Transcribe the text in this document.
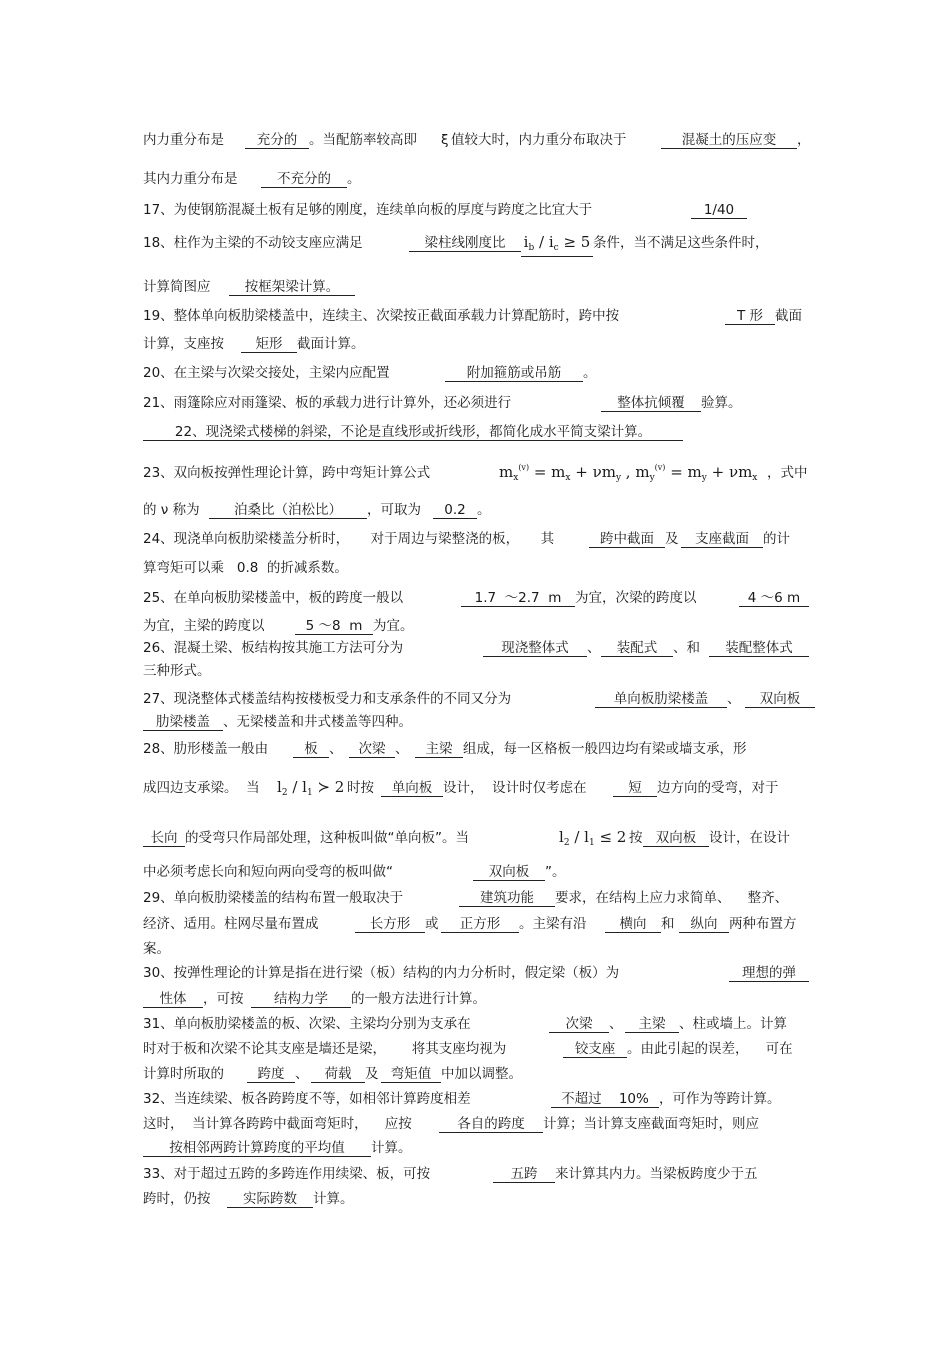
内力重分布是 充分的 。当配筋率较高即 ξ 值较大时，内力重分布取决于	混凝土的压应变 ，
其内力重分布是	不充分的 。
17、为使钢筋混凝土板有足够的刚度，连续单向板的厚度与跨度之比宜大于	1/40
18、柱作为主梁的不动铰支座应满足	梁柱线刚度比 $i_b / i_c \ge 5$ 条件，当不满足这些条件时，
计算简图应	按框架梁计算。
19、整体单向板肋梁楼盖中，连续主、次梁按正截面承载力计算配筋时，跨中按	T 形 截面
计算，支座按 矩形 截面计算。
20、在主梁与次梁交接处，主梁内应配置	附加箍筋或吊筋 。
21、雨篷除应对雨篷梁、板的承载力进行计算外，还必须进行	整体抗倾覆 验算。
22、现浇梁式楼梯的斜梁，不论是直线形或折线形，都简化成水平简支梁计算。
23、双向板按弹性理论计算，跨中弯矩计算公式	$m_x^{(v)} = m_x + \nu m_y$ , $m_y^{(v)} = m_y + \nu m_x$ ，式中
的 ν 称为	泊桑比（泊松比） ，可取为 0.2 。
24、现浇单向板肋梁楼盖分析时，     对于周边与梁整浇的板，     其	跨中截面 及 支座截面 的计
算弯矩可以乘   0.8  的折减系数。
25、在单向板肋梁楼盖中，板的跨度一般以	1.7  ～2.7  m 为宜，次梁的跨度以	4 ～6 m
为宜，主梁的跨度以	5 ～8  m 为宜。
26、混凝土梁、板结构按其施工方法可分为	现浇整体式 、 装配式 、和 装配整体式
三种形式。
27、现浇整体式楼盖结构按楼板受力和支承条件的不同又分为	单向板肋梁楼盖 、 双向板
肋梁楼盖 、无梁楼盖和井式楼盖等四种。
28、肋形楼盖一般由	板 、 次梁 、 主梁 组成，每一区格板一般四边均有梁或墙支承，形
成四边支承梁。  当 $l_2 / l_1$ ≻ 2 时按 单向板 设计，  设计时仅考虑在	短 边方向的受弯，对于
长向 的受弯只作局部处理，这种板叫做“单向板”。当	$l_2 / l_1 \le 2$ 按 双向板 设计，在设计
中必须考虑长向和短向两向受弯的板叫做“	双向板 ”。
29、单向板肋梁楼盖的结构布置一般取决于	建筑功能 要求，在结构上应力求简单、    整齐、
经济、适用。柱网尽量布置成	长方形 或 正方形 。主梁有沿 横向 和 纵向 两种布置方
案。
30、按弹性理论的计算是指在进行梁（板）结构的内力分析时，假定梁（板）为	理想的弹
性体 ，可按 结构力学 的一般方法进行计算。
31、单向板肋梁楼盖的板、次梁、主梁均分别为支承在	次梁 、 主梁 、柱或墙上。计算
时对于板和次梁不论其支座是墙还是梁，      将其支座均视为	铰支座 。由此引起的误差，    可在
计算时所取的 跨度 、 荷载 及 弯矩值 中加以调整。
32、当连续梁、板各跨跨度不等，如相邻计算跨度相差	不超过    10% ，可作为等跨计算。
这时，  当计算各跨跨中截面弯矩时，    应按	各自的跨度 计算；当计算支座截面弯矩时，则应
按相邻两跨计算跨度的平均值 计算。
33、对于超过五跨的多跨连作用续梁、板，可按	五跨 来计算其内力。当梁板跨度少于五
跨时，仍按 实际跨数 计算。
